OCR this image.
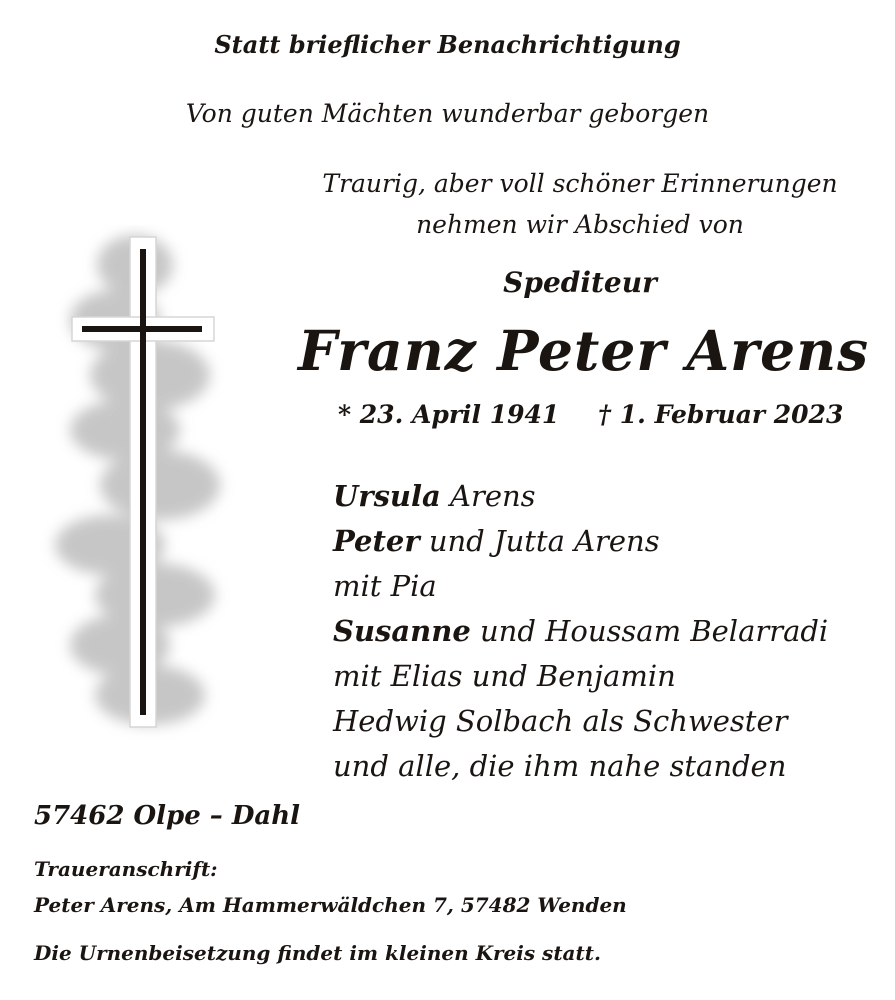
Statt brieflicher Benachrichtigung
Von guten Mächten wunderbar geborgen
Traurig, aber voll schöner Erinnerungen
nehmen wir Abschied von
Spediteur
Franz Peter Arens
* 23. April 1941 † 1. Februar 2023
Ursula Arens
Peter und Jutta Arens
mit Pia
Susanne und Houssam Belarradi
mit Elias und Benjamin
Hedwig Solbach als Schwester
und alle, die ihm nahe standen
57462 Olpe – Dahl
Traueranschrift:
Peter Arens, Am Hammerwäldchen 7, 57482 Wenden
Die Urnenbeisetzung findet im kleinen Kreis statt.
